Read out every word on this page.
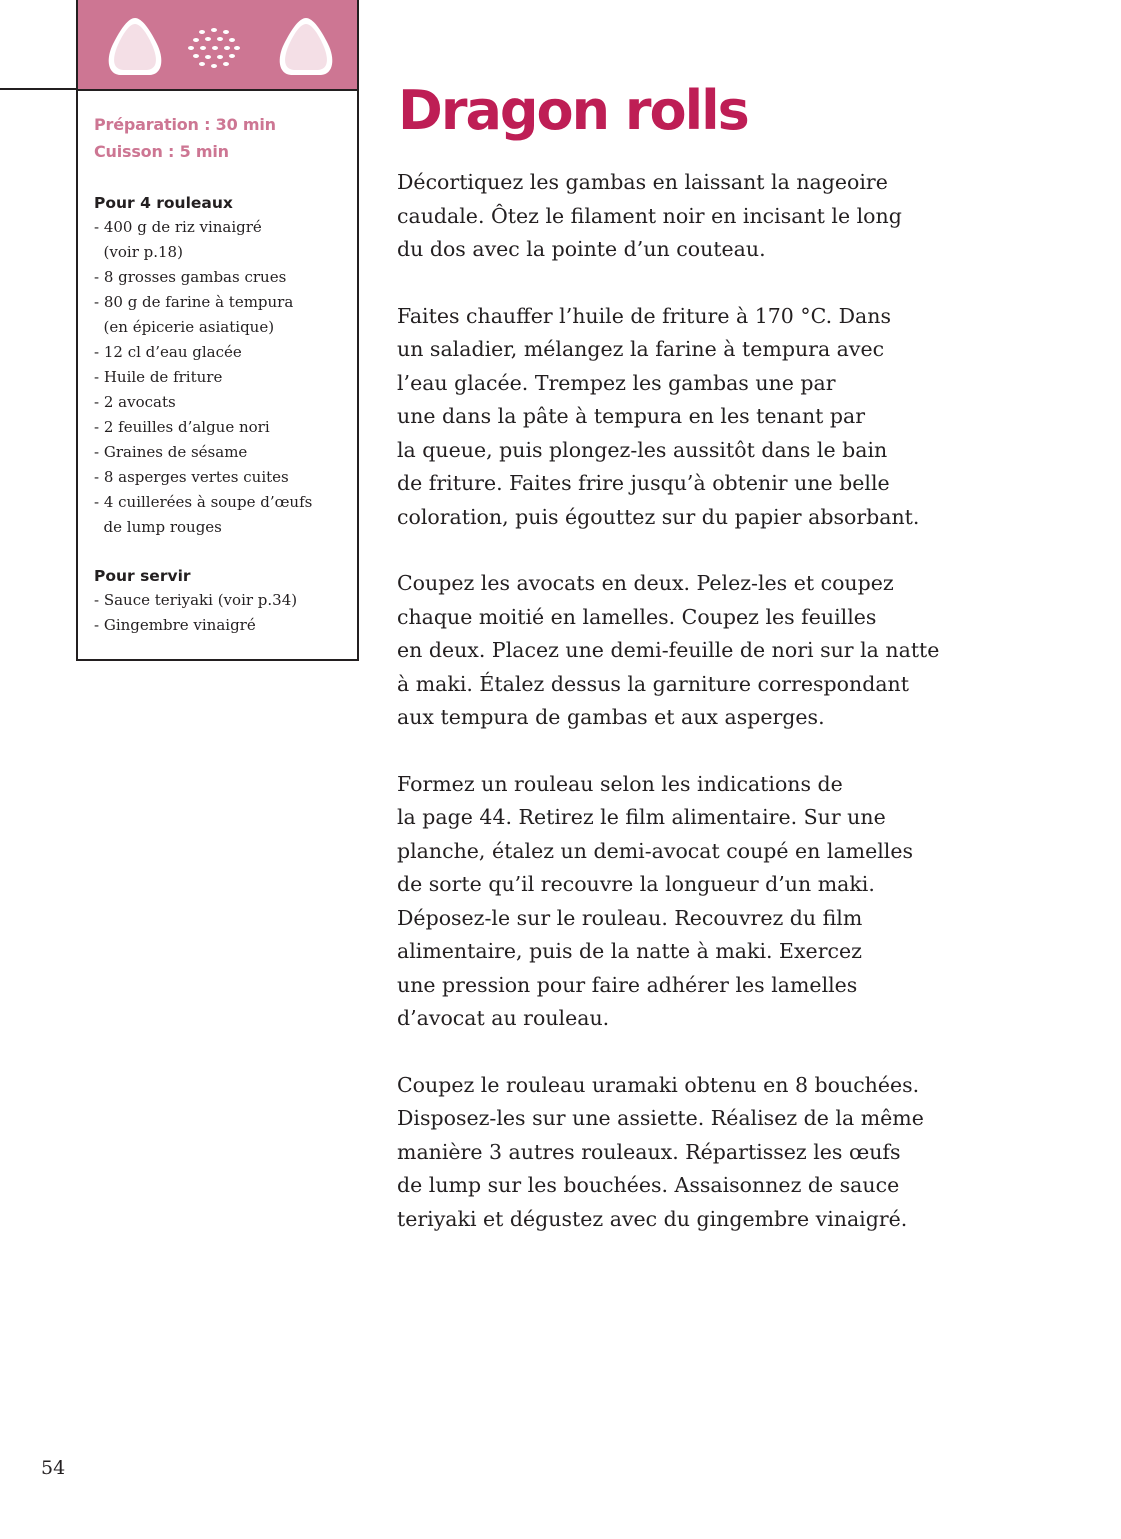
Préparation : 30 min
Cuisson : 5 min
Pour 4 rouleaux
- 400 g de riz vinaigré
(voir p.18)
- 8 grosses gambas crues
- 80 g de farine à tempura
(en épicerie asiatique)
- 12 cl d’eau glacée
- Huile de friture
- 2 avocats
- 2 feuilles d’algue nori
- Graines de sésame
- 8 asperges vertes cuites
- 4 cuillerées à soupe d’œufs
de lump rouges
Pour servir
- Sauce teriyaki (voir p.34)
- Gingembre vinaigré
Dragon rolls

Décortiquez les gambas en laissant la nageoire
caudale. Ôtez le filament noir en incisant le long
du dos avec la pointe d’un couteau.

Faites chauffer l’huile de friture à 170 °C. Dans
un saladier, mélangez la farine à tempura avec
l’eau glacée. Trempez les gambas une par
une dans la pâte à tempura en les tenant par
la queue, puis plongez-les aussitôt dans le bain
de friture. Faites frire jusqu’à obtenir une belle
coloration, puis égouttez sur du papier absorbant.

Coupez les avocats en deux. Pelez-les et coupez
chaque moitié en lamelles. Coupez les feuilles
en deux. Placez une demi-feuille de nori sur la natte
à maki. Étalez dessus la garniture correspondant
aux tempura de gambas et aux asperges.

Formez un rouleau selon les indications de
la page 44. Retirez le film alimentaire. Sur une
planche, étalez un demi-avocat coupé en lamelles
de sorte qu’il recouvre la longueur d’un maki.
Déposez-le sur le rouleau. Recouvrez du film
alimentaire, puis de la natte à maki. Exercez
une pression pour faire adhérer les lamelles
d’avocat au rouleau.

Coupez le rouleau uramaki obtenu en 8 bouchées.
Disposez-les sur une assiette. Réalisez de la même
manière 3 autres rouleaux. Répartissez les œufs
de lump sur les bouchées. Assaisonnez de sauce
teriyaki et dégustez avec du gingembre vinaigré.

54
